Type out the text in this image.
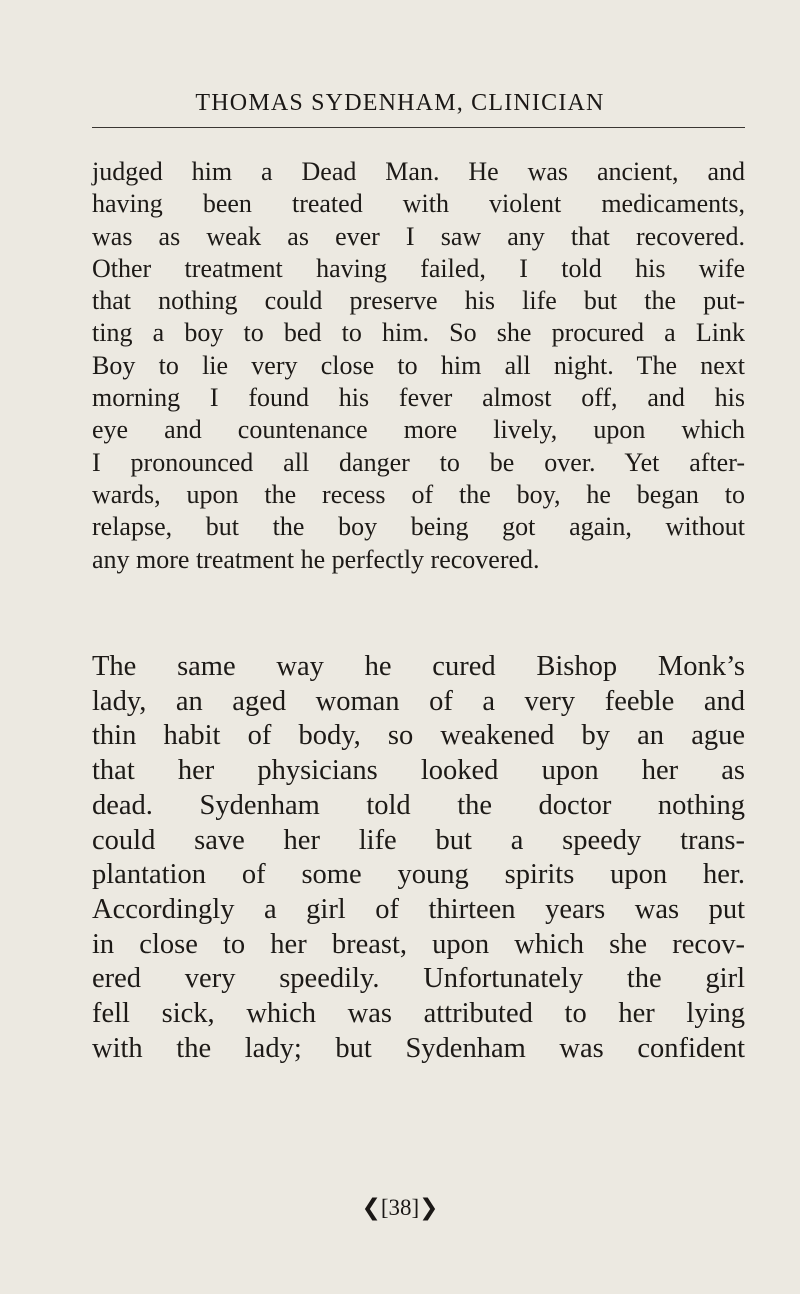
THOMAS SYDENHAM, CLINICIAN

judged him a Dead Man. He was ancient, and
having been treated with violent medicaments,
was as weak as ever I saw any that recovered.
Other treatment having failed, I told his wife
that nothing could preserve his life but the put-
ting a boy to bed to him. So she procured a Link
Boy to lie very close to him all night. The next
morning I found his fever almost off, and his
eye and countenance more lively, upon which
I pronounced all danger to be over. Yet after-
wards, upon the recess of the boy, he began to
relapse, but the boy being got again, without
any more treatment he perfectly recovered.

The same way he cured Bishop Monk’s
lady, an aged woman of a very feeble and
thin habit of body, so weakened by an ague
that her physicians looked upon her as
dead. Sydenham told the doctor nothing
could save her life but a speedy trans-
plantation of some young spirits upon her.
Accordingly a girl of thirteen years was put
in close to her breast, upon which she recov-
ered very speedily. Unfortunately the girl
fell sick, which was attributed to her lying
with the lady; but Sydenham was confident

❮[38]❯
